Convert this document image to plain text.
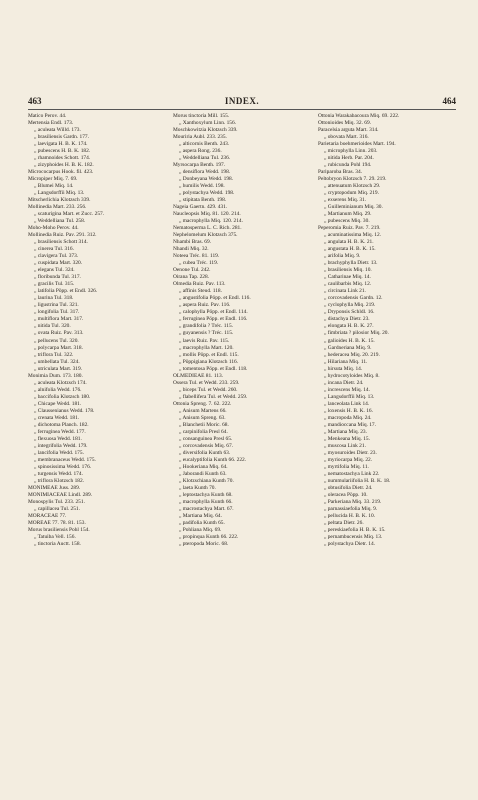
463	INDEX.	464
Matico Perov. 44.
Mertensia Endl. 173.
„ aculeata Willd. 173.
„ brasiliensis Gardn. 177.
„ laevigata H. B. K. 174.
„ pubescens H. B. K. 182.
„ rhamnoides Schott. 174.
„ zizyphoides H. B. K. 182.
Micrococarpus Hook. fil. 423.
Micropiper Miq. 7. 69.
„ Blumei Miq. 14.
„ Langsdorffii Miq. 13.
Mitscherlichia Klotzsch 339.
Mollinedia Mart. 233. 256.
„ scaturigina Mart. et Zucc. 257.
„ Weddelliana Tul. 258.
Moho-Moho Perov. 44.
Mollinedia Ruiz. Pav. 291. 312.
„ brasiliensis Schott 314.
„ cinerea Tul. 316.
„ clavigera Tul. 373.
„ cuspidata Mart. 320.
„ elegans Tul. 324.
„ floribunda Tul. 317.
„ gracilis Tul. 315.
„ latifolia Pöpp. et Endl. 326.
„ laurina Tul. 318.
„ ligustrina Tul. 321.
„ longifolia Tul. 317.
„ multiflora Mart. 317.
„ nitida Tul. 320.
„ ovata Ruiz. Pav. 313.
„ pellucens Tul. 320.
„ polycarpa Mart. 318.
„ triflora Tul. 322.
„ umbellata Tul. 324.
„ utriculata Mart. 319.
Monimia Dum. 173. 180.
„ aculeata Klotzsch 174.
„ alnifolia Wedd. 176.
„ baccifolia Klotzsch 180.
„ Chicape Wedd. 181.
„ Claussenianus Wedd. 178.
„ crenata Wedd. 181.
„ dichotoma Planch. 182.
„ ferruginea Wedd. 177.
„ flexuosa Wedd. 181.
„ integrifolia Wedd. 179.
„ lancifolia Wedd. 175.
„ membranaceus Wedd. 175.
„ spinosissima Wedd. 176.
„ turgensis Wedd. 174.
„ triflora Klotzsch 182.
MONIMEAE Juss. 289.
MONIMIACEAE Lindl. 289.
Monospylis Tul. 233. 251.
„ capillacea Tul. 251.
MORACEAE 77.
MOREAE 77. 78. 81. 153.
Morus brasiliensis Pohl 154.
„ Tatuiba Vell. 156.
„ tinctoria Auctt. 158.
Morus tinctoria Mill. 155.
„ Xanthoxylum Linn. 156.
Moschkowitzia Klotzsch 339.
Mouriria Aubl. 233. 235.
„ alticornis Benth. 243.
„ aspera Rong. 236.
„ Weddelliana Tul. 236.
Myrsocarpa Benth. 197.
„ densiflora Wedd. 198.
„ Donbeyana Wedd. 198.
„ humilis Wedd. 198.
„ polystachya Wedd. 198.
„ stipitata Benth. 198.
Nageia Gaertn. 429. 431.
Naucleopsis Miq. 81. 120. 214.
„ macrophylla Miq. 120. 214.
Nematosperma L. C. Rich. 281.
Nephelomelum Klotzsch 375.
Nhambi Bras. 69.
Nhandi Miq. 32.
Noteea Tréc. 81. 119.
„ cubea Tréc. 119.
Oenone Tul. 242.
Oirana Tap. 228.
Olmedia Ruiz. Pav. 113.
„ affinis Steud. 118.
„ angustifolia Pöpp. et Endl. 116.
„ aspera Ruiz. Pav. 116.
„ calophylla Pöpp. et Endl. 114.
„ ferruginea Pöpp. et Endl. 116.
„ grandifolia ? Tréc. 115.
„ guyanensis ? Tréc. 115.
„ laevis Ruiz. Pav. 115.
„ macrophylla Mart. 120.
„ mollis Pöpp. et Endl. 115.
„ Pöppigiana Klotzsch 116.
„ tomentosa Pöpp. et Endl. 118.
OLMEDIEAE 81. 113.
Ossera Tul. et Wedd. 233. 259.
„ biceps Tul. et Wedd. 260.
„ flabellifera Tul. et Wedd. 259.
Ottonia Spreng. 7. 62. 222.
„ Anisum Martens 66.
„ Anisum Spreng. 63.
„ Blanchetii Moric. 68.
„ carpinifolia Presl 64.
„ consanguinea Presl 65.
„ corcovadensis Miq. 67.
„ diversifolia Kunth 63.
„ eucalyptifolia Kunth 66. 222.
„ Hookeriana Miq. 64.
„ Jaborandi Kunth 63.
„ Klotzschiana Kunth 70.
„ laeta Kunth 70.
„ leptostachya Kunth 68.
„ macrophylla Kunth 66.
„ macrostachya Mart. 67.
„ Martiana Miq. 64.
„ padifolia Kunth 65.
„ Pohliana Miq. 69.
„ propinqua Kunth 66. 222.
„ pteropoda Moric. 68.
Ottonia Warakabacoura Miq. 69. 222.
Ottonioides Miq. 32. 69.
Paracelsia arguta Mart. 314.
„ obovata Mart. 316.
Parietaria boehmerioides Mart. 194.
„ microphylla Linn. 203.
„ nitida Herb. Par. 204.
„ rubicunda Pohl 194.
Pariparoba Bras. 34.
Peltobryon Klotzsch 7. 29. 219.
„ attenuatum Klotzsch 29.
„ cryptopodum Miq. 219.
„ exserens Miq. 31.
„ Guilleminianum Miq. 30.
„ Martianum Miq. 29.
„ pubescens Miq. 30.
Peperomia Ruiz. Pav. 7. 219.
„ acuminatissima Miq. 12.
„ angulata H. B. K. 21.
„ angustata H. B. K. 15.
„ arifolia Miq. 9.
„ brachyphylla Dietr. 13.
„ brasiliensis Miq. 10.
„ Catharinae Miq. 14.
„ caulibarbis Miq. 12.
„ circinata Link 21.
„ corcovadensis Gardn. 12.
„ cyclophylla Miq. 219.
„ Dryponsis Schldl. 16.
„ distachya Dietr. 23.
„ elongata H. B. K. 27.
„ fimbriata ? pilosior Miq. 20.
„ galioides H. B. K. 15.
„ Gardneriana Miq. 9.
„ hederacea Miq. 20. 219.
„ Hilariana Miq. 11.
„ hirsuta Miq. 14.
„ hydrocotyloides Miq. 8.
„ incana Dietr. 24.
„ increscens Miq. 14.
„ Langsdorffii Miq. 13.
„ lanceolata Link 14.
„ loxensis H. B. K. 16.
„ macropoda Miq. 24.
„ mandioccana Miq. 17.
„ Martiana Miq. 23.
„ Menkeana Miq. 15.
„ muscosa Link 21.
„ myosuroides Dietr. 23.
„ myriocarpa Miq. 22.
„ myrtifolia Miq. 11.
„ nematostachya Link 22.
„ nummulariifolia H. B. K. 18.
„ obtusifolia Dietr. 24.
„ oleracea Pöpp. 10.
„ Parkeriana Miq. 33. 219.
„ parnassiaefolia Miq. 9.
„ pellucida H. B. K. 10.
„ peltata Dietr. 26.
„ pereskiaefolia H. B. K. 15.
„ pernambucensis Miq. 13.
„ polystachya Dietr. 14.
